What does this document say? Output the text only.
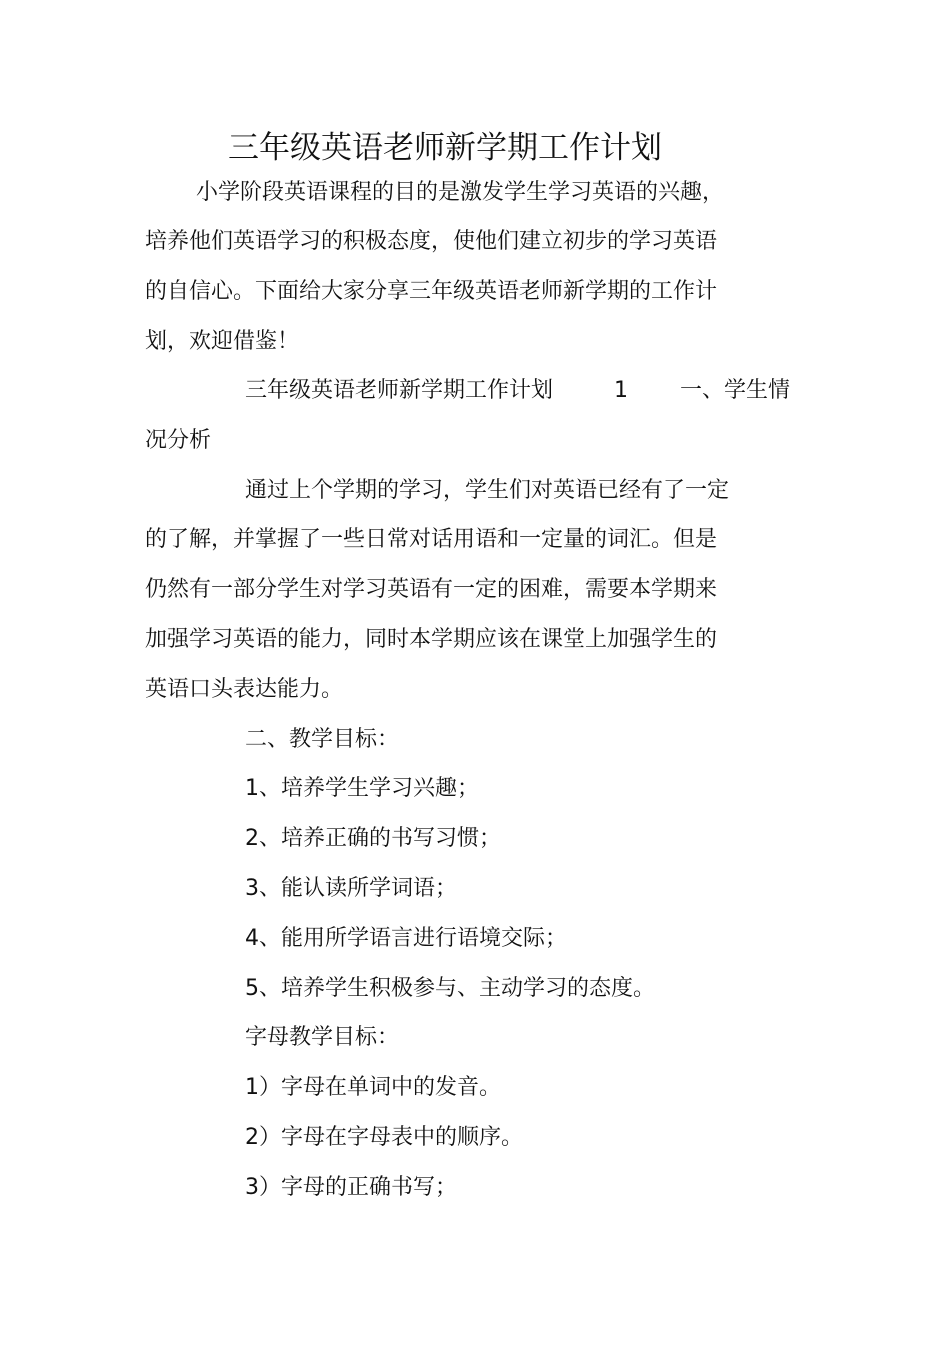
三年级英语老师新学期工作计划

小学阶段英语课程的目的是激发学生学习英语的兴趣，

培养他们英语学习的积极态度，使他们建立初步的学习英语

的自信心。下面给大家分享三年级英语老师新学期的工作计

划，欢迎借鉴！

三年级英语老师新学期工作计划	1 一、学生情

况分析

通过上个学期的学习，学生们对英语已经有了一定

的了解，并掌握了一些日常对话用语和一定量的词汇。但是

仍然有一部分学生对学习英语有一定的困难，需要本学期来

加强学习英语的能力，同时本学期应该在课堂上加强学生的

英语口头表达能力。

二、教学目标：

1、培养学生学习兴趣；

2、培养正确的书写习惯；

3、能认读所学词语；

4、能用所学语言进行语境交际；

5、培养学生积极参与、主动学习的态度。

字母教学目标：

1）字母在单词中的发音。

2）字母在字母表中的顺序。

3）字母的正确书写；
